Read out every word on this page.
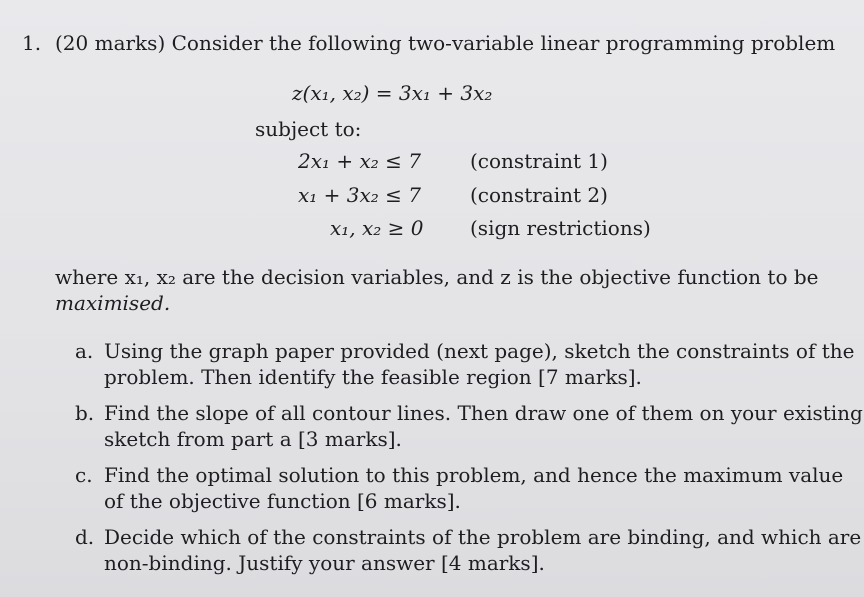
1. (20 marks) Consider the following two-variable linear programming problem
z(x₁, x₂) = 3x₁ + 3x₂
subject to:
2x₁ + x₂ ≤ 7 (constraint 1)
x₁ + 3x₂ ≤ 7 (constraint 2)
x₁, x₂ ≥ 0 (sign restrictions)
where x₁, x₂ are the decision variables, and z is the objective function to be
maximised.
a. Using the graph paper provided (next page), sketch the constraints of the
problem. Then identify the feasible region [7 marks].
b. Find the slope of all contour lines. Then draw one of them on your existing
sketch from part a [3 marks].
c. Find the optimal solution to this problem, and hence the maximum value
of the objective function [6 marks].
d. Decide which of the constraints of the problem are binding, and which are
non-binding. Justify your answer [4 marks].
